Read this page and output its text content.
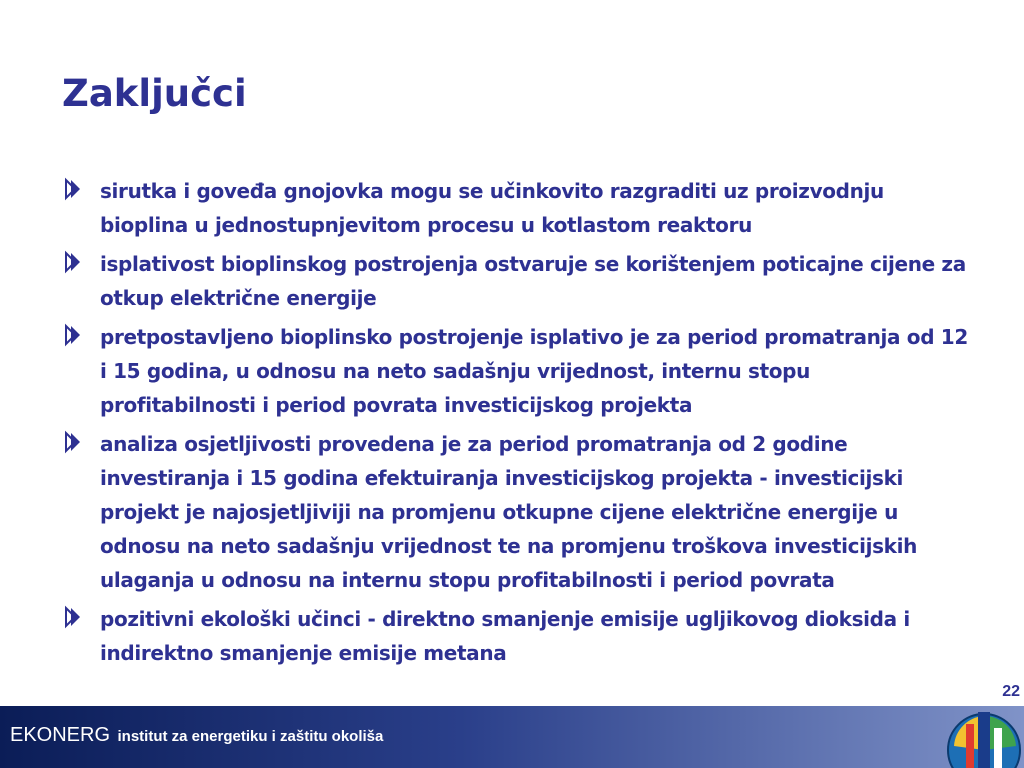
Zaključci
sirutka i goveđa gnojovka mogu se učinkovito razgraditi uz proizvodnju bioplina u jednostupnjevitom procesu u kotlastom reaktoru
isplativost bioplinskog postrojenja ostvaruje se korištenjem poticajne cijene za otkup električne energije
pretpostavljeno bioplinsko postrojenje isplativo je za period promatranja od 12 i 15 godina, u odnosu na neto sadašnju vrijednost, internu stopu profitabilnosti i period povrata investicijskog projekta
analiza osjetljivosti provedena je za period promatranja od 2 godine investiranja i 15 godina efektuiranja investicijskog projekta - investicijski projekt je najosjetljiviji na promjenu otkupne cijene električne energije u odnosu na neto sadašnju vrijednost te na promjenu troškova investicijskih ulaganja u odnosu na internu stopu profitabilnosti i period povrata
pozitivni ekološki učinci - direktno smanjenje emisije ugljikovog dioksida i indirektno smanjenje emisije metana
22
EKONERG institut za energetiku i zaštitu okoliša
